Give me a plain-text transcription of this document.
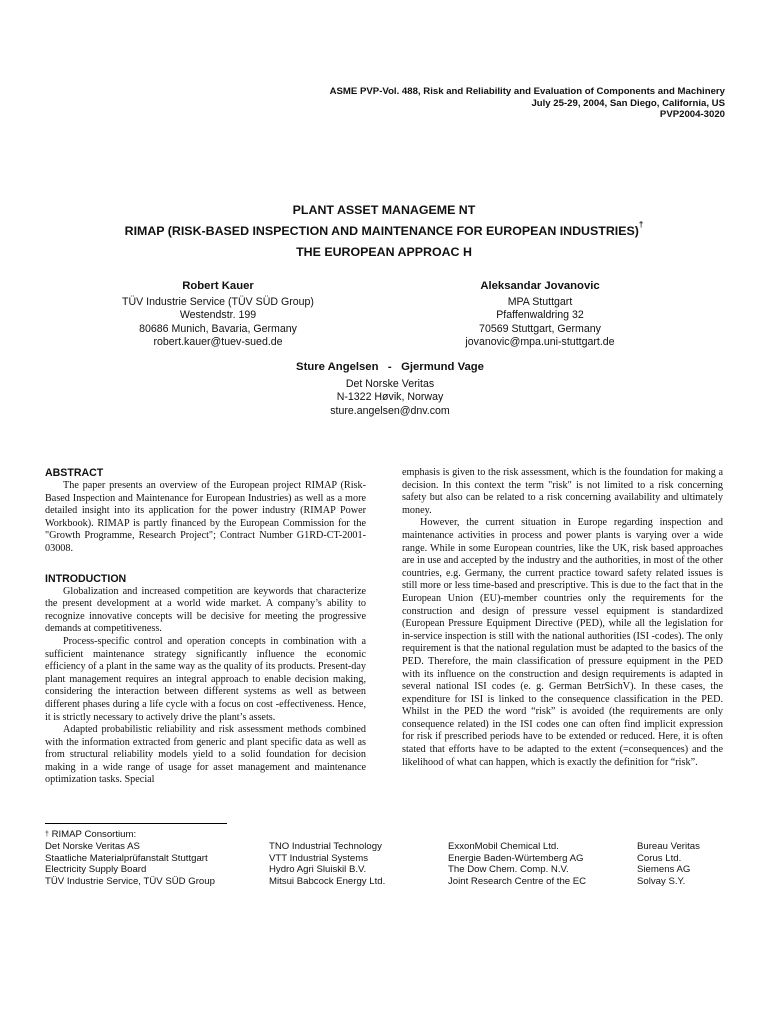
ASME PVP-Vol. 488, Risk and Reliability and Evaluation of Components and Machinery
July 25-29, 2004, San Diego, California, US
PVP2004-3020
PLANT ASSET MANAGEME NT
RIMAP (RISK-BASED INSPECTION AND MAINTENANCE FOR EUROPEAN INDUSTRIES)†
THE EUROPEAN APPROAC H
Robert Kauer
TÜV Industrie Service (TÜV SÜD Group)
Westendstr. 199
80686 Munich, Bavaria, Germany
robert.kauer@tuev-sued.de
Aleksandar Jovanovic
MPA Stuttgart
Pfaffenwaldring 32
70569 Stuttgart, Germany
jovanovic@mpa.uni-stuttgart.de
Sture Angelsen   -   Gjermund Vage
Det Norske Veritas
N-1322 Høvik, Norway
sture.angelsen@dnv.com
ABSTRACT

The paper presents an overview of the European project RIMAP (Risk-Based Inspection and Maintenance for European Industries) as well as a more detailed insight into its application for the power industry (RIMAP Power Workbook). RIMAP is partly financed by the European Commission for the "Growth Programme, Research Project"; Contract Number G1RD-CT-2001-03008.

INTRODUCTION

Globalization and increased competition are keywords that characterize the present development at a world wide market. A company’s ability to recognize innovative concepts will be decisive for meeting the progressive demands at competitiveness.

Process-specific control and operation concepts in combination with a sufficient maintenance strategy significantly influence the economic efficiency of a plant in the same way as the quality of its products. Present-day plant management requires an integral approach to enable decision making, considering the interaction between different systems as well as between different phases during a life cycle with a focus on cost -effectiveness. Hence, it is strictly necessary to actively drive the plant’s assets.

Adapted probabilistic reliability and risk assessment methods combined with the information extracted from generic and plant specific data as well as from structural reliability models yield to a solid foundation for decision making in a wide range of usage for asset management and maintenance optimization tasks. Special

emphasis is given to the risk assessment, which is the foundation for making a decision. In this context the term "risk" is not limited to a risk concerning safety but also can be related to a risk concerning availability and ultimately money.

However, the current situation in Europe regarding inspection and maintenance activities in process and power plants is varying over a wide range. While in some European countries, like the UK, risk based approaches are in use and accepted by the industry and the authorities, in most of the other countries, e.g. Germany, the current practice toward safety related issues is still more or less time-based and prescriptive. This is due to the fact that in the European Union (EU)-member countries only the requirements for the construction and design of pressure vessel equipment is standardized (European Pressure Equipment Directive (PED), while all the legislation for in-service inspection is still with the national authorities (ISI -codes). The only requirement is that the national regulation must be adapted to the basics of the PED. Therefore, the main classification of pressure equipment in the PED with its influence on the construction and design requirements is adapted in several national ISI codes (e. g. German BetrSichV). In these cases, the expenditure for ISI is linked to the consequence classification in the PED. Whilst in the PED the word “risk” is avoided (the requirements are only consequence related) in the ISI codes one can often find implicit expression for risk if prescribed periods have to be extended or reduced. Here, it is often stated that efforts have to be adapted to the extent (=consequences) and the likelihood of what can happen, which is exactly the definition for “risk”.

† RIMAP Consortium:
Det Norske Veritas AS
Staatliche Materialprüfanstalt Stuttgart
Electricity Supply Board
TÜV Industrie Service, TÜV SÜD Group
TNO Industrial Technology
VTT Industrial Systems
Hydro Agri Sluiskil B.V.
Mitsui Babcock Energy Ltd.
ExxonMobil Chemical Ltd.
Energie Baden-Würtemberg AG
The Dow Chem. Comp. N.V.
Joint Research Centre of the EC
Bureau Veritas
Corus Ltd.
Siemens AG
Solvay S.Y.
